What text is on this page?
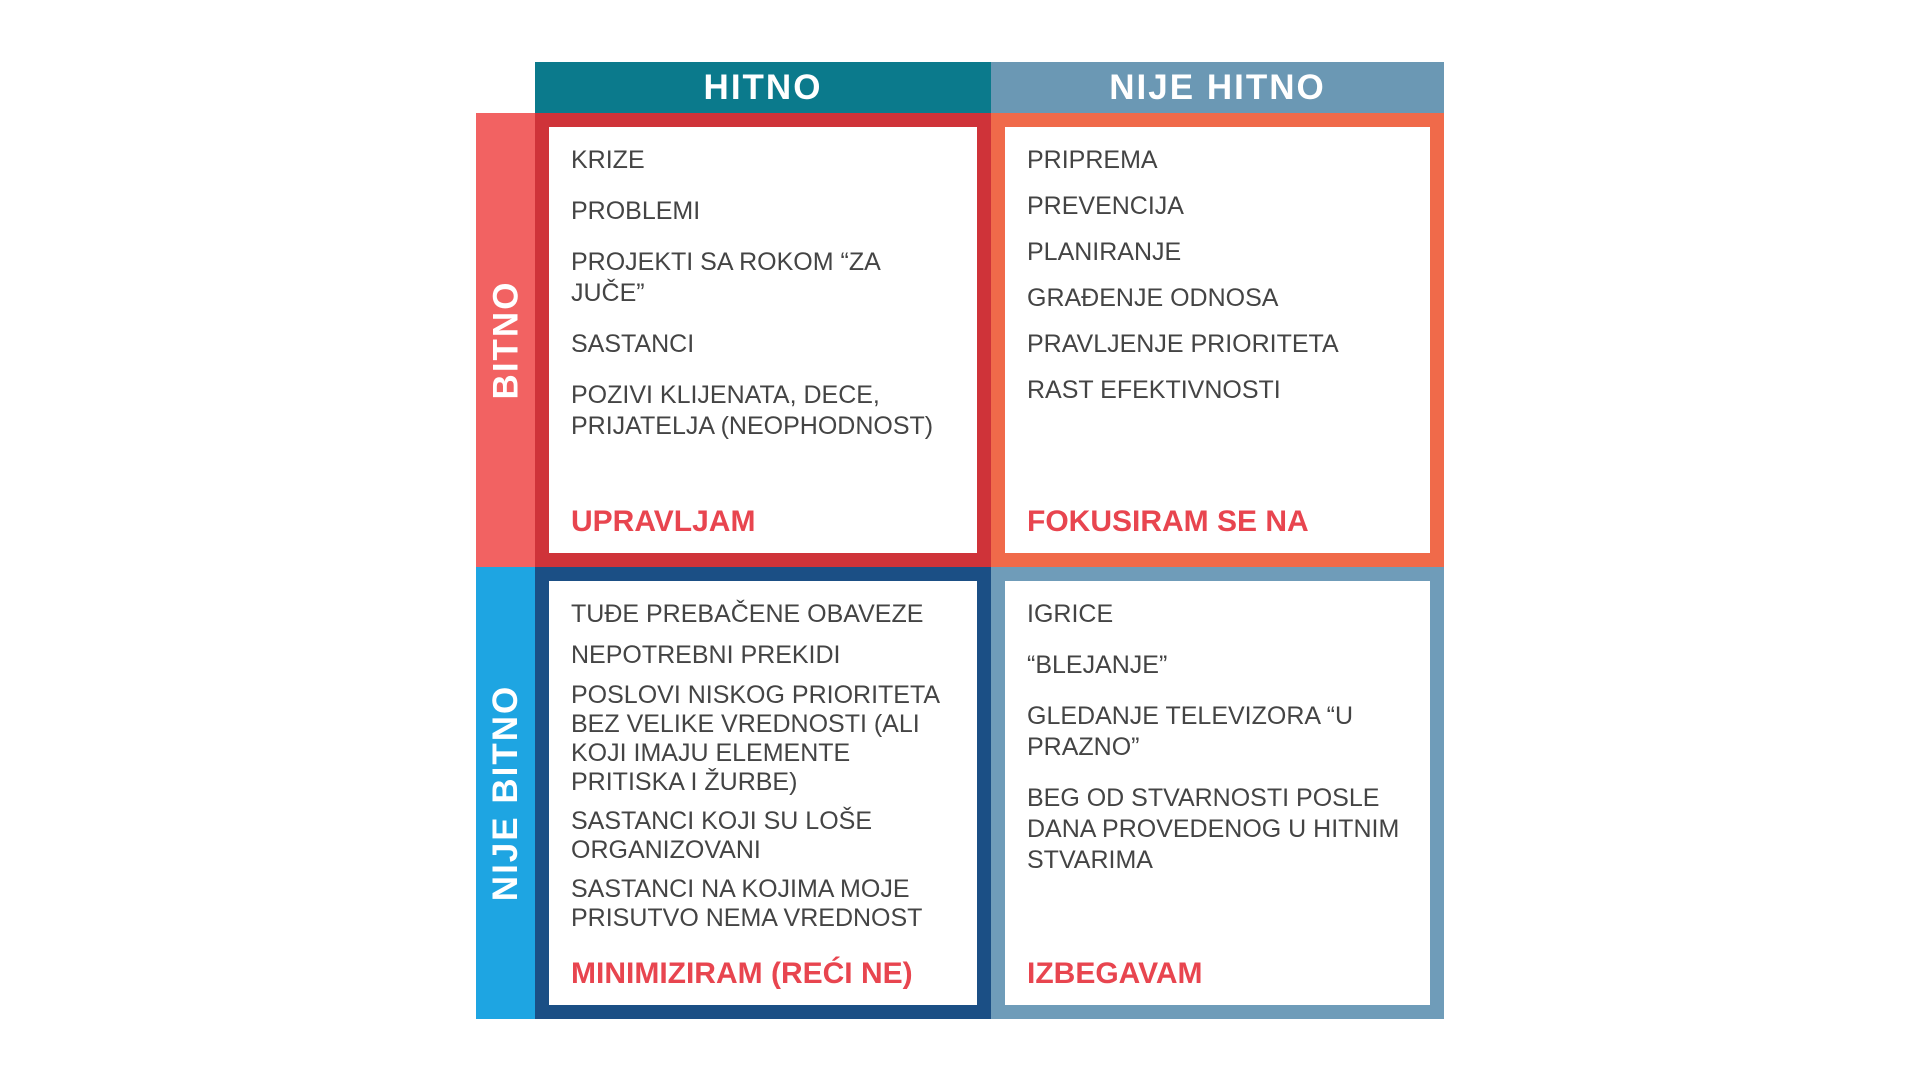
HITNO	NIJE HITNO
BITNO
NIJE BITNO
KRIZE
PROBLEMI
PROJEKTI SA ROKOM “ZA JUČE”
SASTANCI
POZIVI KLIJENATA, DECE, PRIJATELJA (NEOPHODNOST)
UPRAVLJAM
PRIPREMA
PREVENCIJA
PLANIRANJE
GRAĐENJE ODNOSA
PRAVLJENJE PRIORITETA
RAST EFEKTIVNOSTI
FOKUSIRAM SE NA
TUĐE PREBAČENE OBAVEZE
NEPOTREBNI PREKIDI
POSLOVI NISKOG PRIORITETA BEZ VELIKE VREDNOSTI (ALI KOJI IMAJU ELEMENTE PRITISKA I ŽURBE)
SASTANCI KOJI SU LOŠE ORGANIZOVANI
SASTANCI NA KOJIMA MOJE PRISUTVO NEMA VREDNOST
MINIMIZIRAM (REĆI NE)
IGRICE
“BLEJANJE”
GLEDANJE TELEVIZORA “U PRAZNO”
BEG OD STVARNOSTI POSLE DANA PROVEDENOG U HITNIM STVARIMA
IZBEGAVAM
